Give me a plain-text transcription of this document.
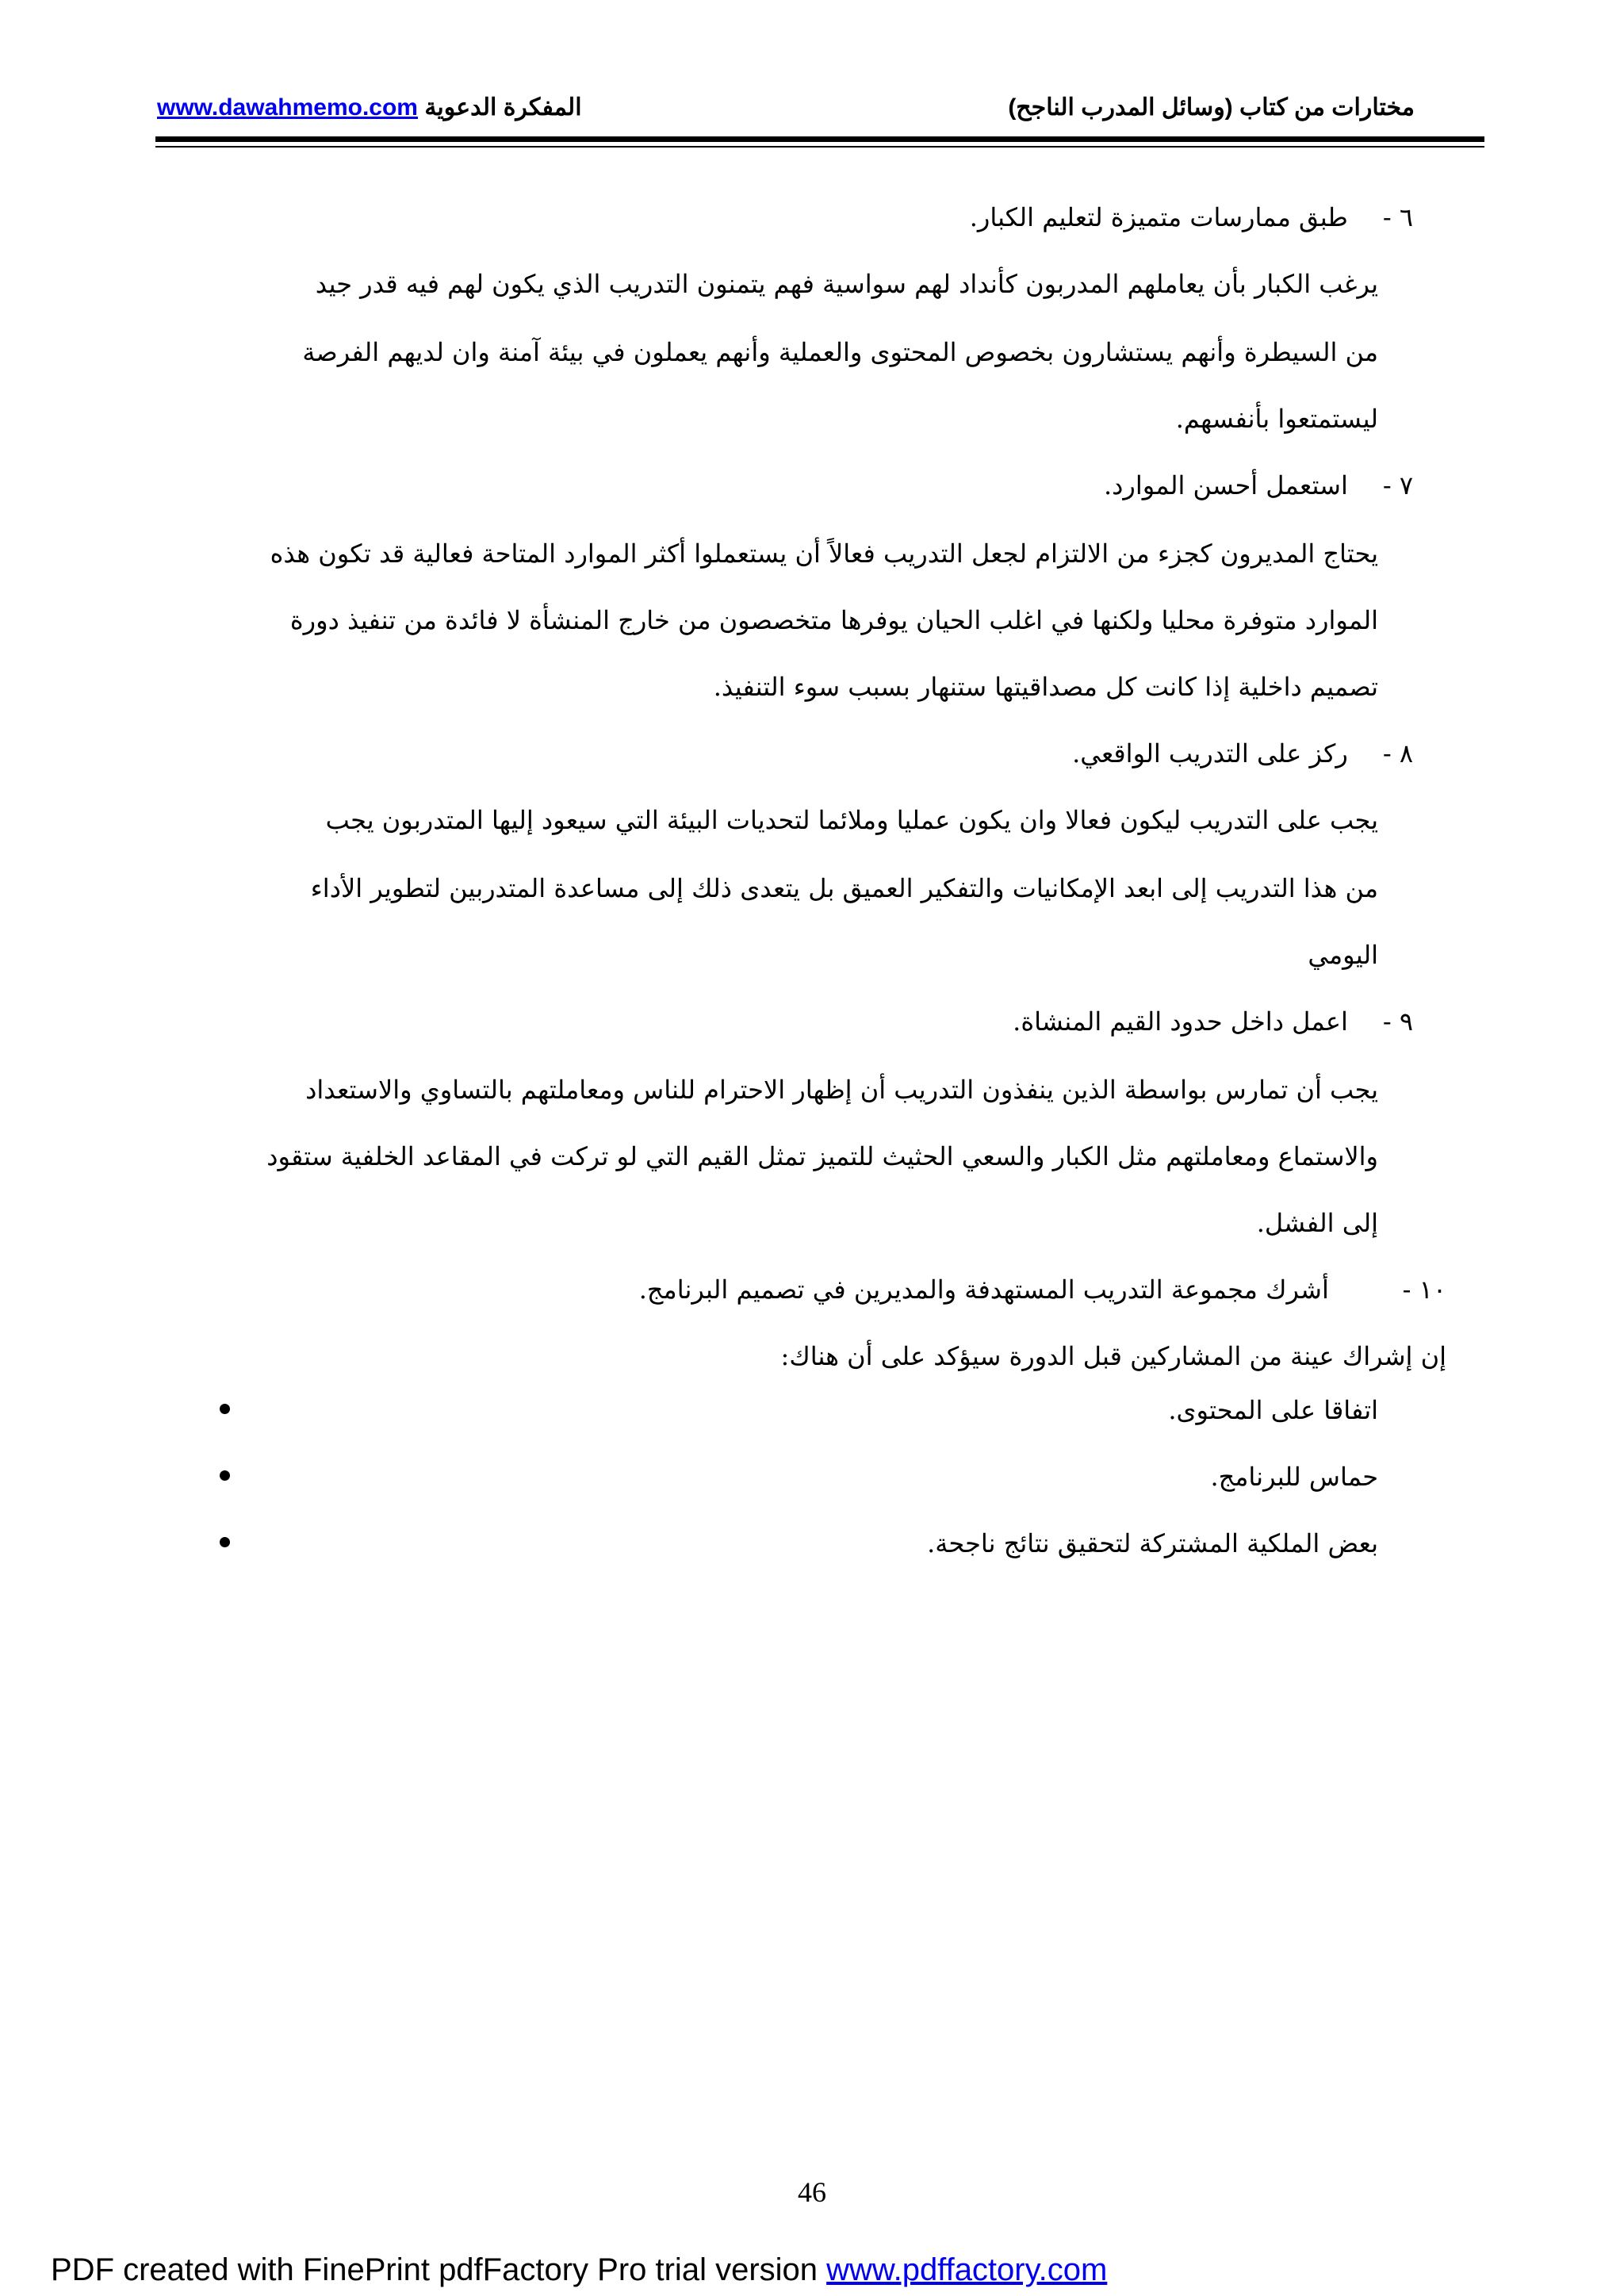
مختارات من كتاب (وسائل المدرب الناجح)
المفكرة الدعوية www.dawahmemo.com
٦ - طبق ممارسات متميزة لتعليم الكبار.
يرغب الكبار بأن يعاملهم المدربون كأنداد لهم سواسية فهم يتمنون التدريب الذي يكون لهم فيه قدر جيد
من السيطرة وأنهم يستشارون بخصوص المحتوى والعملية وأنهم يعملون في بيئة آمنة وان لديهم الفرصة
ليستمتعوا بأنفسهم.
٧ - استعمل أحسن الموارد.
يحتاج المديرون كجزء من الالتزام لجعل التدريب فعالاً أن يستعملوا أكثر الموارد المتاحة فعالية قد تكون هذه
الموارد متوفرة محليا ولكنها في اغلب الحيان يوفرها متخصصون من خارج المنشأة لا فائدة من تنفيذ دورة
تصميم داخلية إذا كانت كل مصداقيتها ستنهار بسبب سوء التنفيذ.
٨ - ركز على التدريب الواقعي.
يجب على التدريب ليكون فعالا وان يكون عمليا وملائما لتحديات البيئة التي سيعود إليها المتدربون يجب
من هذا التدريب إلى ابعد الإمكانيات والتفكير العميق بل يتعدى ذلك إلى مساعدة المتدربين لتطوير الأداء
اليومي
٩ - اعمل داخل حدود القيم المنشاة.
يجب أن تمارس بواسطة الذين ينفذون التدريب أن إظهار الاحترام للناس ومعاملتهم بالتساوي والاستعداد
والاستماع ومعاملتهم مثل الكبار والسعي الحثيث للتميز تمثل القيم التي لو تركت في المقاعد الخلفية ستقود
إلى الفشل.
١٠ - أشرك مجموعة التدريب المستهدفة والمديرين في تصميم البرنامج.
إن إشراك عينة من المشاركين قبل الدورة سيؤكد على أن هناك:
اتفاقا على المحتوى.
حماس للبرنامج.
بعض الملكية المشتركة لتحقيق نتائج ناجحة.
46
PDF created with FinePrint pdfFactory Pro trial version www.pdffactory.com
